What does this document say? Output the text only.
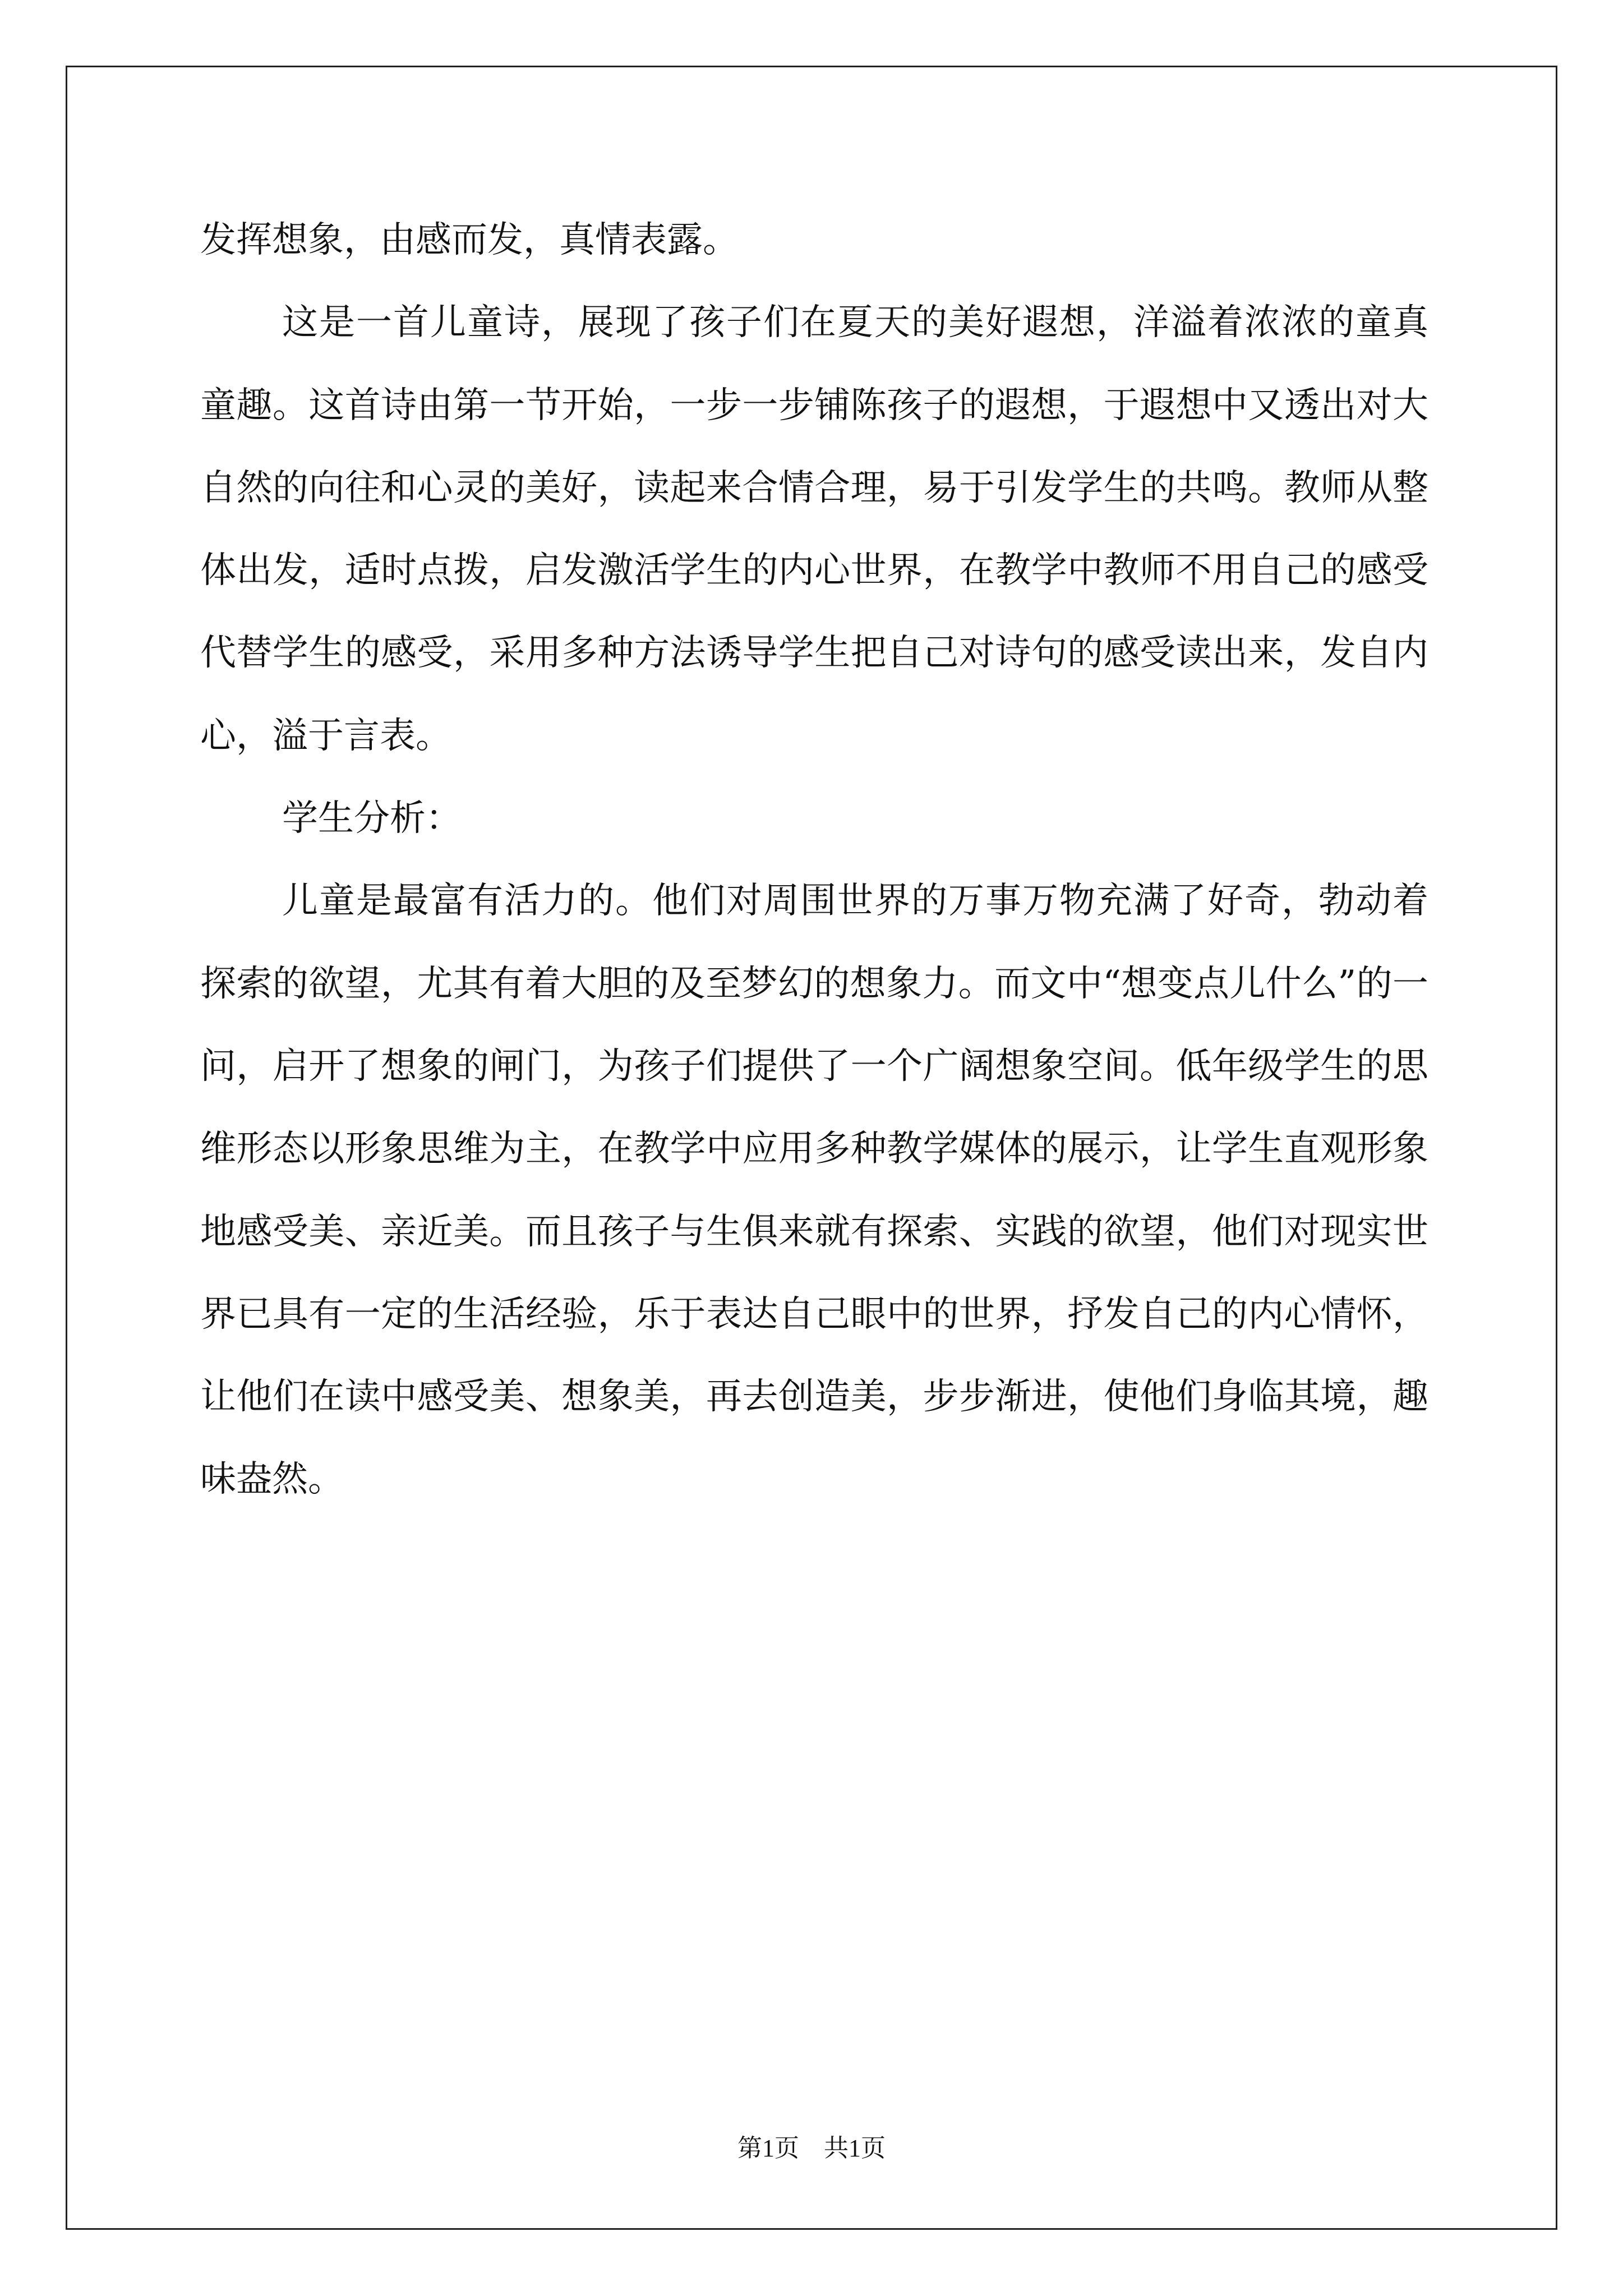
发挥想象，由感而发，真情表露。

这是一首儿童诗，展现了孩子们在夏天的美好遐想，洋溢着浓浓的童真童趣。这首诗由第一节开始，一步一步铺陈孩子的遐想，于遐想中又透出对大自然的向往和心灵的美好，读起来合情合理，易于引发学生的共鸣。教师从整体出发，适时点拨，启发激活学生的内心世界，在教学中教师不用自己的感受代替学生的感受，采用多种方法诱导学生把自己对诗句的感受读出来，发自内心，溢于言表。

学生分析：

儿童是最富有活力的。他们对周围世界的万事万物充满了好奇，勃动着探索的欲望，尤其有着大胆的及至梦幻的想象力。而文中“想变点儿什么”的一问，启开了想象的闸门，为孩子们提供了一个广阔想象空间。低年级学生的思维形态以形象思维为主，在教学中应用多种教学媒体的展示，让学生直观形象地感受美、亲近美。而且孩子与生俱来就有探索、实践的欲望，他们对现实世界已具有一定的生活经验，乐于表达自己眼中的世界，抒发自己的内心情怀，让他们在读中感受美、想象美，再去创造美，步步渐进，使他们身临其境，趣味盎然。

第1页 共1页
